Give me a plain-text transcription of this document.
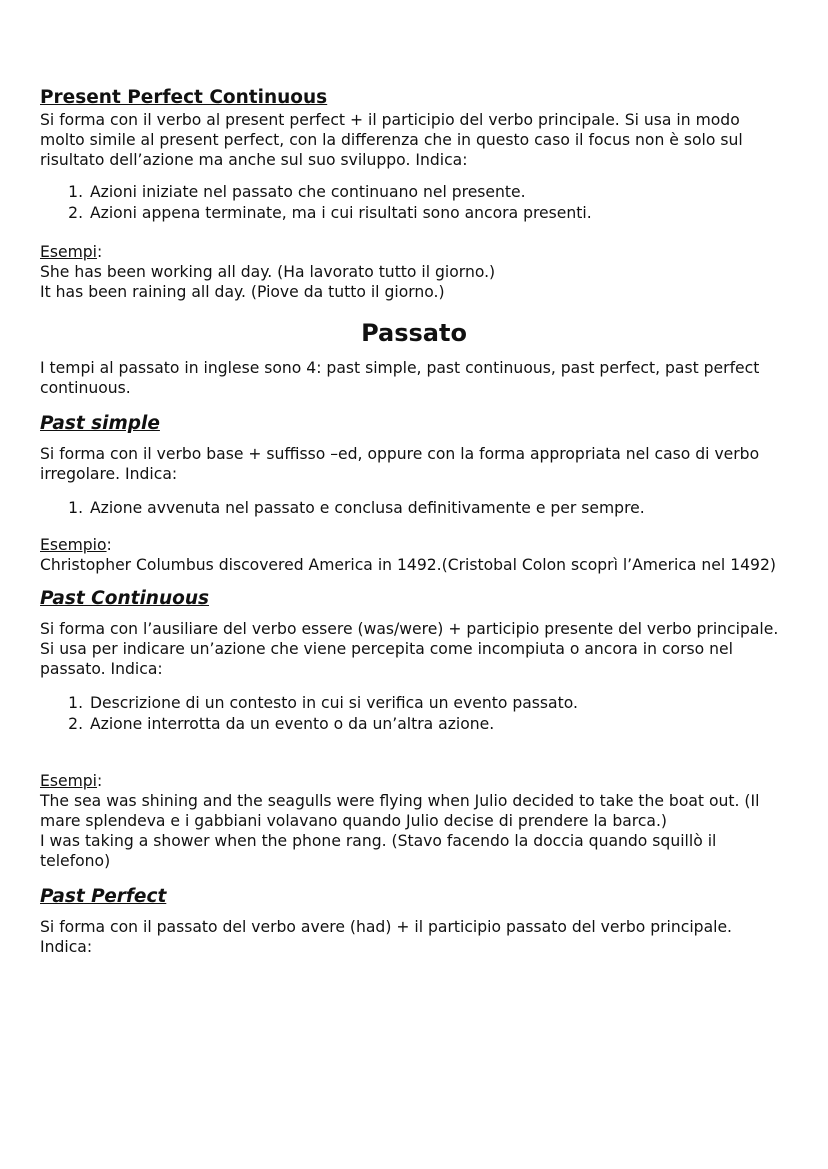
Present Perfect Continuous

Si forma con il verbo al present perfect + il participio del verbo principale. Si usa in modo molto simile al present perfect, con la differenza che in questo caso il focus non è solo sul risultato dell’azione ma anche sul suo sviluppo. Indica:

1. Azioni iniziate nel passato che continuano nel presente.
2. Azioni appena terminate, ma i cui risultati sono ancora presenti.

Esempi:

She has been working all day. (Ha lavorato tutto il giorno.)

It has been raining all day. (Piove da tutto il giorno.)

Passato

I tempi al passato in inglese sono 4: past simple, past continuous, past perfect, past perfect continuous.

Past simple

Si forma con il verbo base + suffisso –ed, oppure con la forma appropriata nel caso di verbo irregolare. Indica:

1. Azione avvenuta nel passato e conclusa definitivamente e per sempre.

Esempio:

Christopher Columbus discovered America in 1492.(Cristobal Colon scoprì l’America nel 1492)

Past Continuous

Si forma con l’ausiliare del verbo essere (was/were) + participio presente del verbo principale. Si usa per indicare un’azione che viene percepita come incompiuta o ancora in corso nel passato. Indica:

1. Descrizione di un contesto in cui si verifica un evento passato.
2. Azione interrotta da un evento o da un’altra azione.

Esempi:

The sea was shining and the seagulls were flying when Julio decided to take the boat out. (Il mare splendeva e i gabbiani volavano quando Julio decise di prendere la barca.)

I was taking a shower when the phone rang. (Stavo facendo la doccia quando squillò il telefono)

Past Perfect

Si forma con il passato del verbo avere (had) + il participio passato del verbo principale. Indica:
